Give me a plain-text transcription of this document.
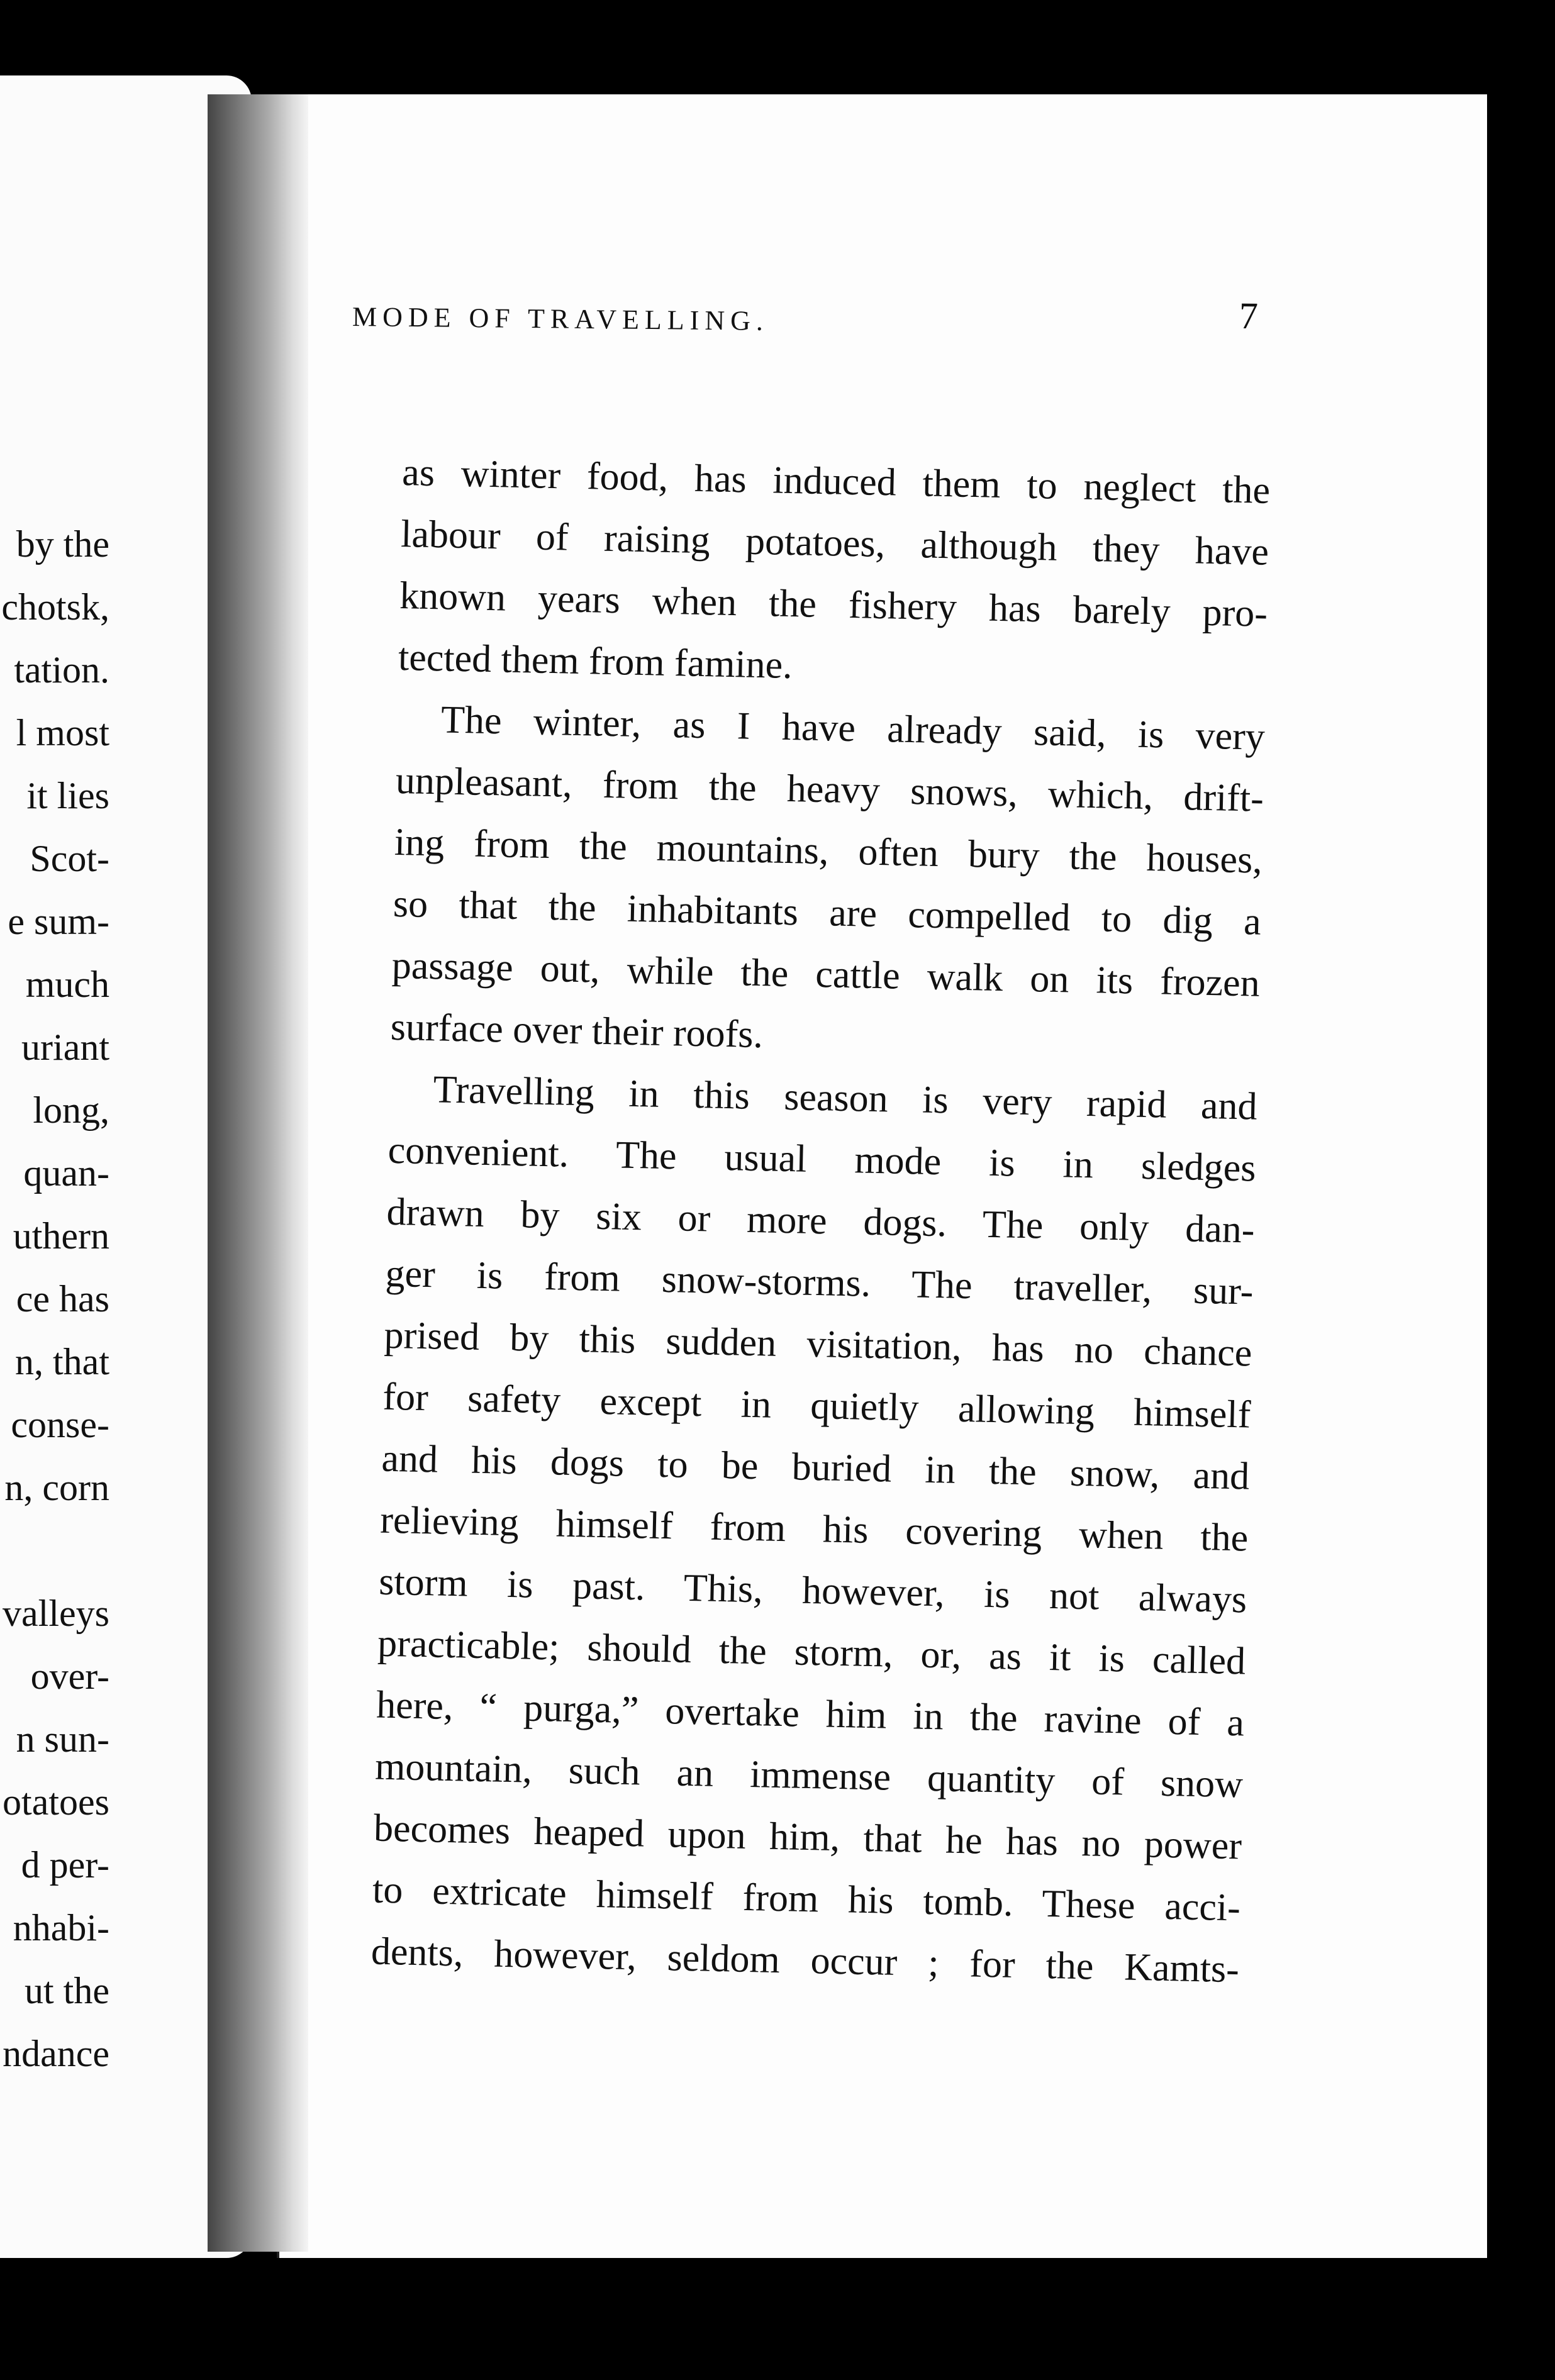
by the
chotsk,
tation.
l most
it lies
Scot-
e sum-
much
uriant
long,
quan-
uthern
ce has
n, that
conse-
n, corn
valleys
over-
n sun-
otatoes
d per-
nhabi-
ut the
ndance
MODE OF TRAVELLING.	7
as winter food, has induced them to neglect the
labour of raising potatoes, although they have
known years when the fishery has barely pro-
tected them from famine.
The winter, as I have already said, is very
unpleasant, from the heavy snows, which, drift-
ing from the mountains, often bury the houses,
so that the inhabitants are compelled to dig a
passage out, while the cattle walk on its frozen
surface over their roofs.
Travelling in this season is very rapid and
convenient. The usual mode is in sledges
drawn by six or more dogs. The only dan-
ger is from snow-storms. The traveller, sur-
prised by this sudden visitation, has no chance
for safety except in quietly allowing himself
and his dogs to be buried in the snow, and
relieving himself from his covering when the
storm is past. This, however, is not always
practicable; should the storm, or, as it is called
here, “ purga,” overtake him in the ravine of a
mountain, such an immense quantity of snow
becomes heaped upon him, that he has no power
to extricate himself from his tomb. These acci-
dents, however, seldom occur ; for the Kamts-
